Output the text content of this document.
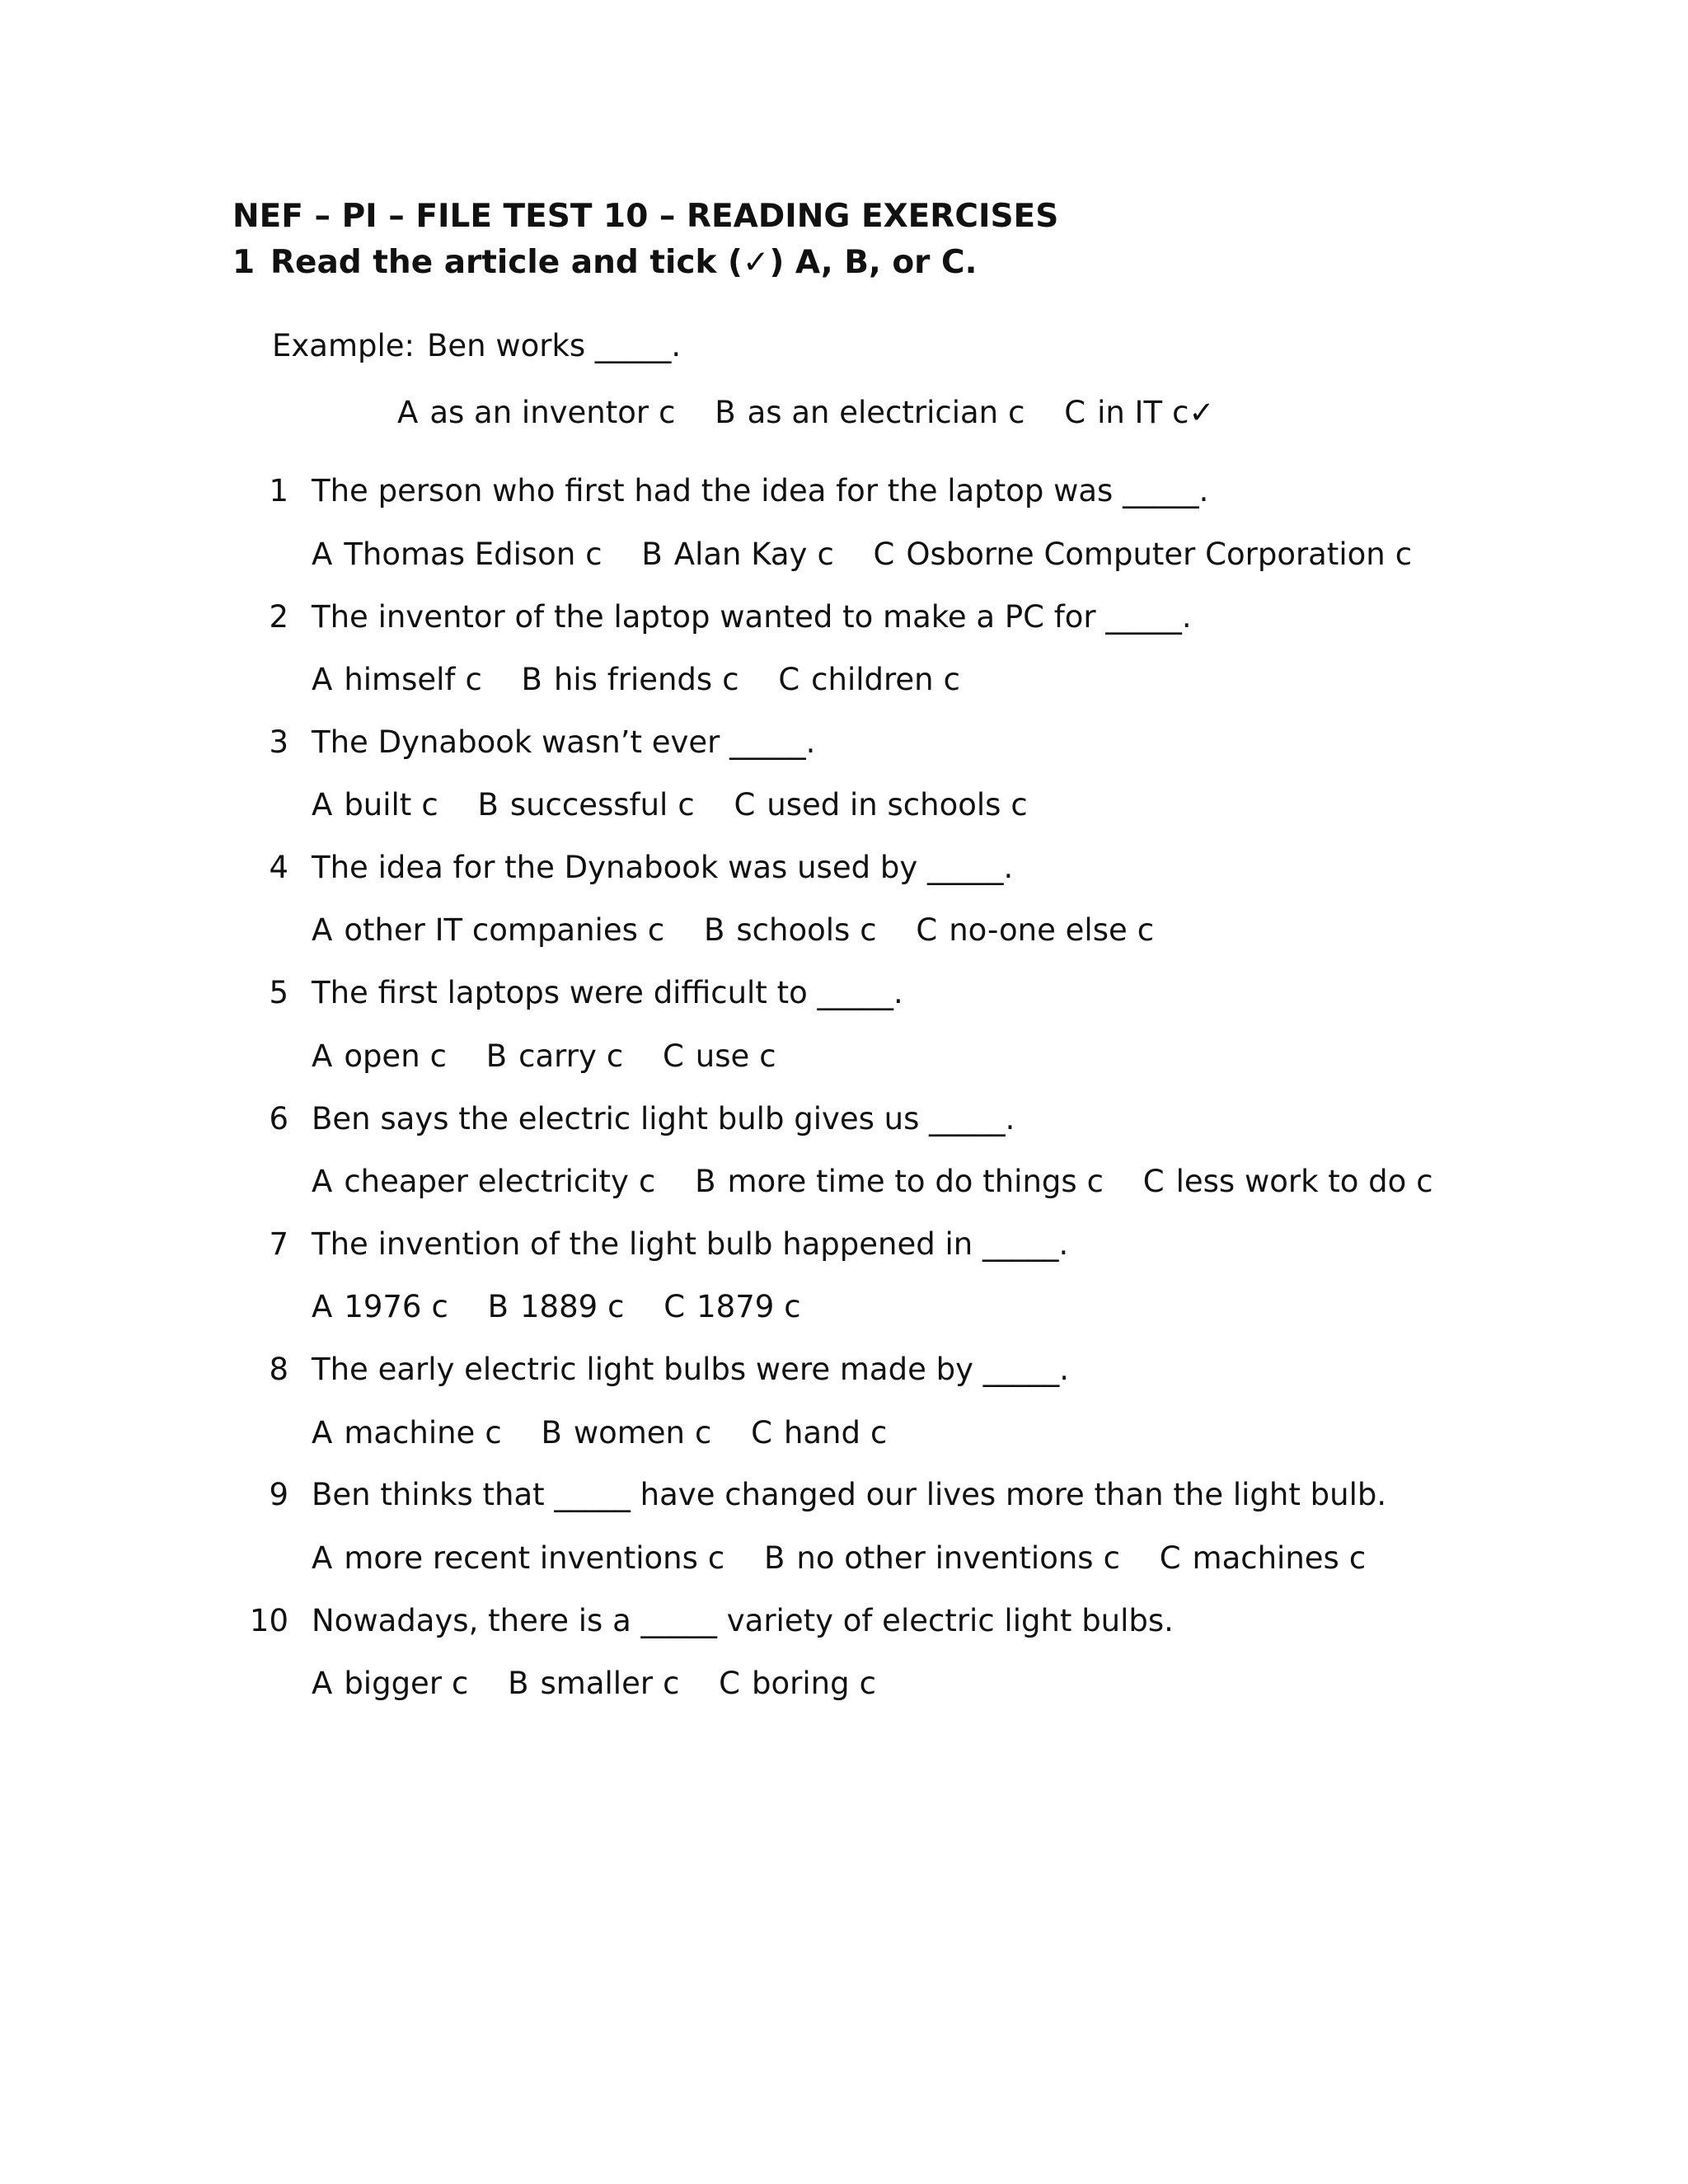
NEF – PI – FILE TEST 10 – READING EXERCISES
1 Read the article and tick (✓) A, B, or C.
Example: Ben works _____.
A as an inventor c B as an electrician c C in IT c✓
1 The person who first had the idea for the laptop was _____.
A Thomas Edison c B Alan Kay c C Osborne Computer Corporation c
2 The inventor of the laptop wanted to make a PC for _____.
A himself c B his friends c C children c
3 The Dynabook wasn’t ever _____.
A built c B successful c C used in schools c
4 The idea for the Dynabook was used by _____.
A other IT companies c B schools c C no-one else c
5 The first laptops were difficult to _____.
A open c B carry c C use c
6 Ben says the electric light bulb gives us _____.
A cheaper electricity c B more time to do things c C less work to do c
7 The invention of the light bulb happened in _____.
A 1976 c B 1889 c C 1879 c
8 The early electric light bulbs were made by _____.
A machine c B women c C hand c
9 Ben thinks that _____ have changed our lives more than the light bulb.
A more recent inventions c B no other inventions c C machines c
10 Nowadays, there is a _____ variety of electric light bulbs.
A bigger c B smaller c C boring c
